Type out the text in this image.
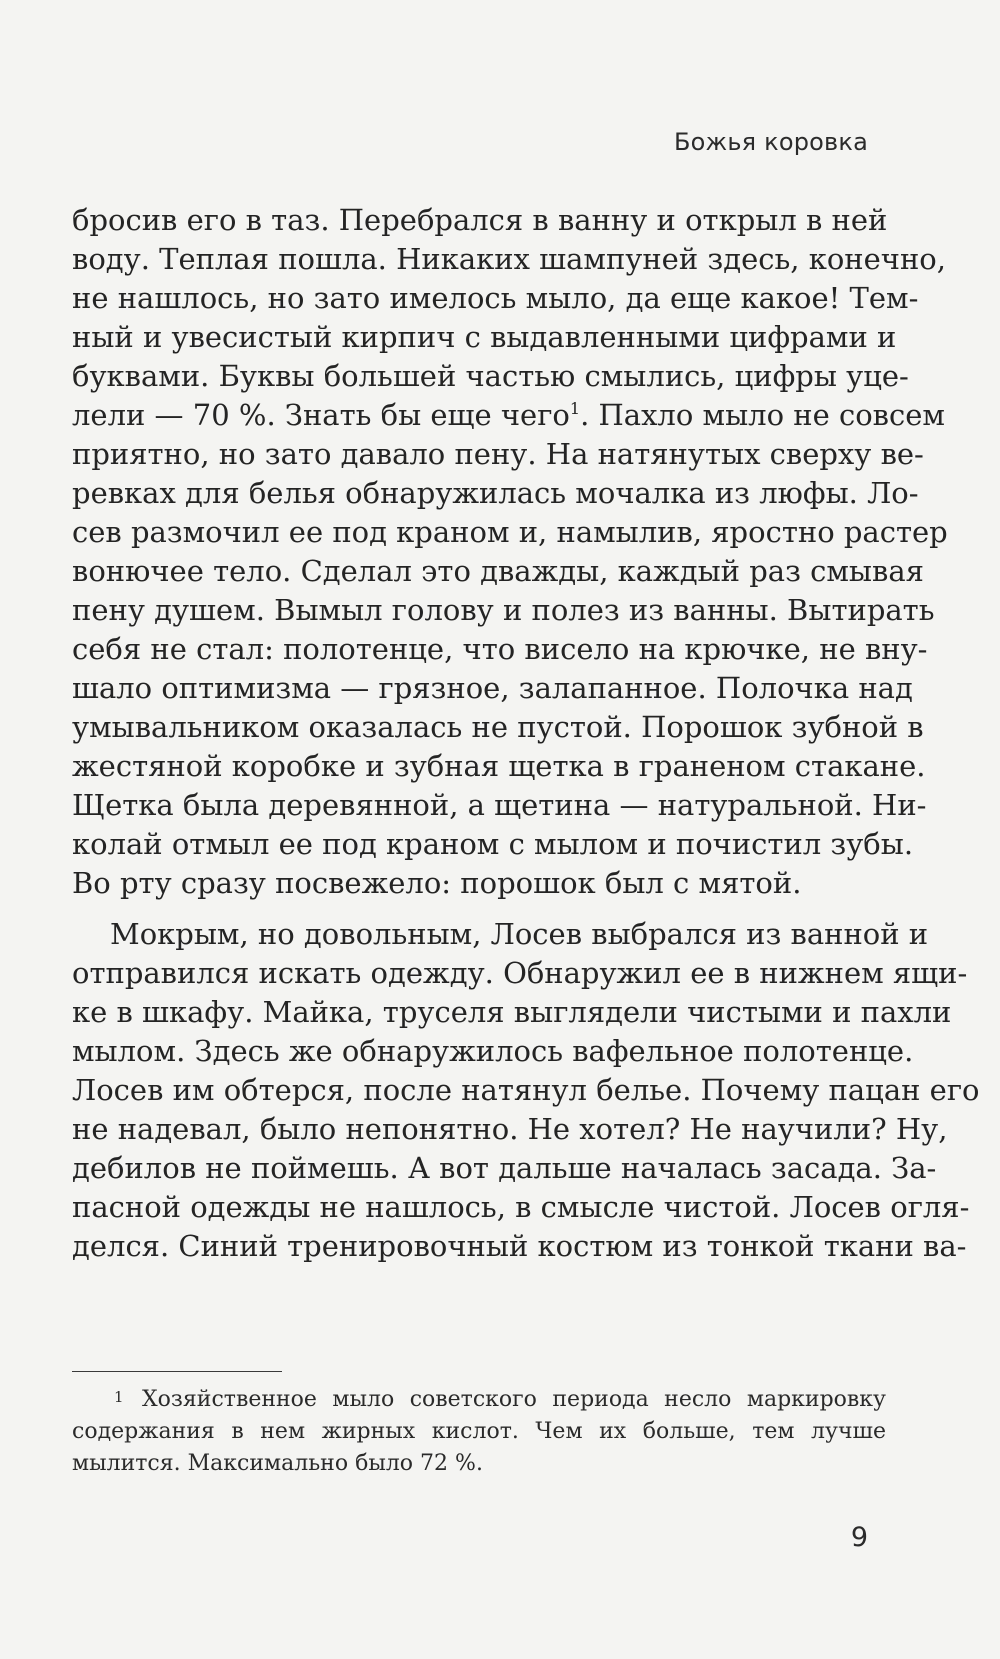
Божья коровка
бросив его в таз. Перебрался в ванну и открыл в ней
воду. Теплая пошла. Никаких шампуней здесь, конечно,
не нашлось, но зато имелось мыло, да еще какое! Тем-
ный и увесистый кирпич с выдавленными цифрами и
буквами. Буквы большей частью смылись, цифры уце-
лели — 70 %. Знать бы еще чего$^1$. Пахло мыло не совсем
приятно, но зато давало пену. На натянутых сверху ве-
ревках для белья обнаружилась мочалка из люфы. Ло-
сев размочил ее под краном и, намылив, яростно растер
вонючее тело. Сделал это дважды, каждый раз смывая
пену душем. Вымыл голову и полез из ванны. Вытирать
себя не стал: полотенце, что висело на крючке, не вну-
шало оптимизма — грязное, залапанное. Полочка над
умывальником оказалась не пустой. Порошок зубной в
жестяной коробке и зубная щетка в граненом стакане.
Щетка была деревянной, а щетина — натуральной. Ни-
колай отмыл ее под краном с мылом и почистил зубы.
Во рту сразу посвежело: порошок был с мятой.
Мокрым, но довольным, Лосев выбрался из ванной и
отправился искать одежду. Обнаружил ее в нижнем ящи-
ке в шкафу. Майка, труселя выглядели чистыми и пахли
мылом. Здесь же обнаружилось вафельное полотенце.
Лосев им обтерся, после натянул белье. Почему пацан его
не надевал, было непонятно. Не хотел? Не научили? Ну,
дебилов не поймешь. А вот дальше началась засада. За-
пасной одежды не нашлось, в смысле чистой. Лосев огля-
делся. Синий тренировочный костюм из тонкой ткани ва-
1 Хозяйственное мыло советского периода несло маркировку
содержания в нем жирных кислот. Чем их больше, тем лучше
мылится. Максимально было 72 %.
9
